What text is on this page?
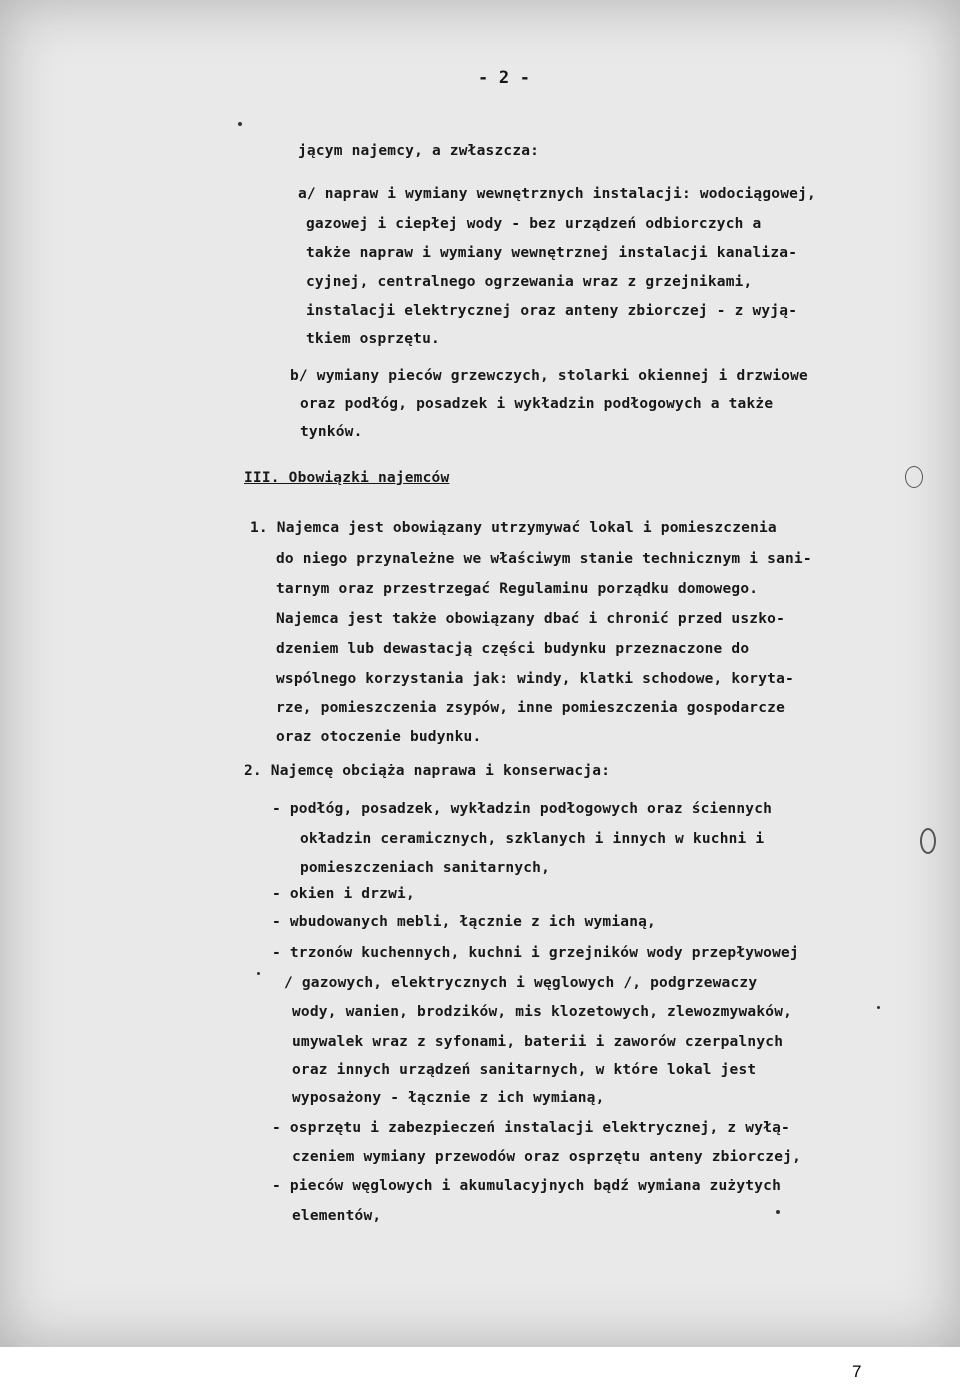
- 2 -
jącym najemcy, a zwłaszcza:
a/ napraw i wymiany wewnętrznych instalacji: wodociągowej,
gazowej i ciepłej wody - bez urządzeń odbiorczych a
także napraw i wymiany wewnętrznej instalacji kanaliza-
cyjnej, centralnego ogrzewania wraz z grzejnikami,
instalacji elektrycznej oraz anteny zbiorczej - z wyją-
tkiem osprzętu.
b/ wymiany pieców grzewczych, stolarki okiennej i drzwiowe
oraz podłóg, posadzek i wykładzin podłogowych a także
tynków.
III. Obowiązki najemców
1. Najemca jest obowiązany utrzymywać lokal i pomieszczenia
do niego przynależne we właściwym stanie technicznym i sani-
tarnym oraz przestrzegać Regulaminu porządku domowego.
Najemca jest także obowiązany dbać i chronić przed uszko-
dzeniem lub dewastacją części budynku przeznaczone do
wspólnego korzystania jak: windy, klatki schodowe, koryta-
rze, pomieszczenia zsypów, inne pomieszczenia gospodarcze
oraz otoczenie budynku.
2. Najemcę obciąża naprawa i konserwacja:
- podłóg, posadzek, wykładzin podłogowych oraz ściennych
okładzin ceramicznych, szklanych i innych w kuchni i
pomieszczeniach sanitarnych,
- okien i drzwi,
- wbudowanych mebli, łącznie z ich wymianą,
- trzonów kuchennych, kuchni i grzejników wody przepływowej
/ gazowych, elektrycznych i węglowych /, podgrzewaczy
wody, wanien, brodzików, mis klozetowych, zlewozmywaków,
umywalek wraz z syfonami, baterii i zaworów czerpalnych
oraz innych urządzeń sanitarnych, w które lokal jest
wyposażony - łącznie z ich wymianą,
- osprzętu i zabezpieczeń instalacji elektrycznej, z wyłą-
czeniem wymiany przewodów oraz osprzętu anteny zbiorczej,
- pieców węglowych i akumulacyjnych bądź wymiana zużytych
elementów,
7
